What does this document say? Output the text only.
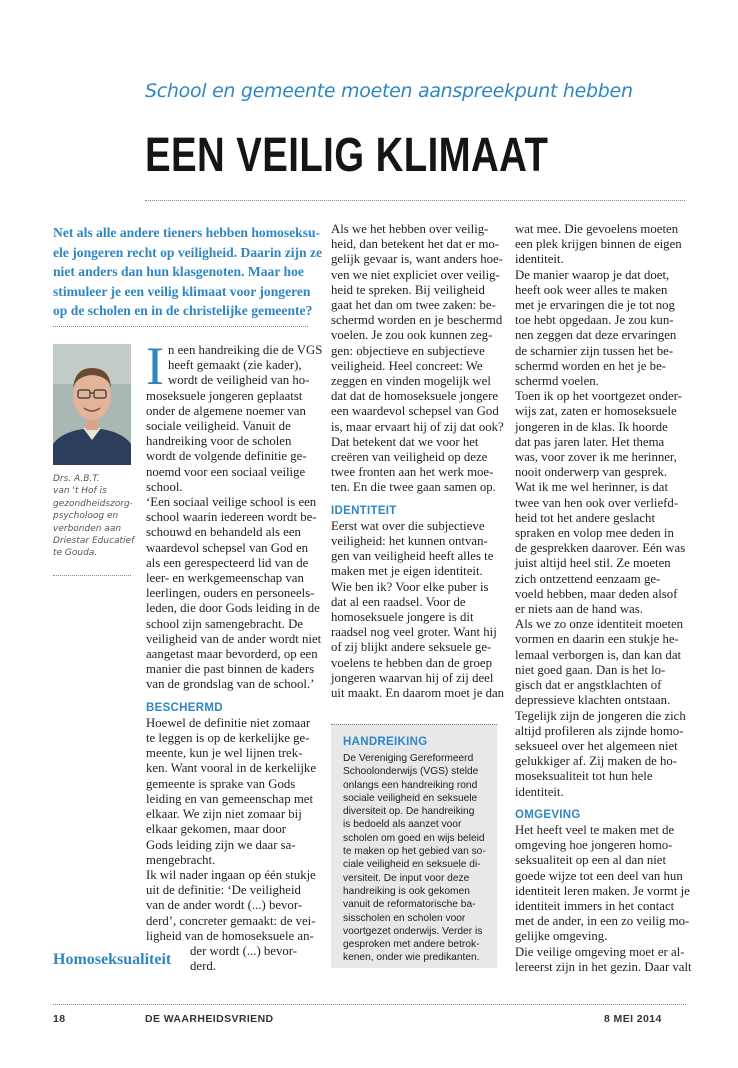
School en gemeente moeten aanspreekpunt hebben
EEN VEILIG KLIMAAT
Net als alle andere tieners hebben homoseksu-
ele jongeren recht op veiligheid. Daarin zijn ze
niet anders dan hun klasgenoten. Maar hoe
stimuleer je een veilig klimaat voor jongeren
op de scholen en in de christelijke gemeente?
Drs. A.B.T.
van 't Hof is
gezondheidszorg-
psycholoog en
verbonden aan
Driestar Educatief
te Gouda.
I n een handreiking die de VGS
heeft gemaakt (zie kader),
wordt de veiligheid van ho-
moseksuele jongeren geplaatst
onder de algemene noemer van
sociale veiligheid. Vanuit de
handreiking voor de scholen
wordt de volgende definitie ge-
noemd voor een sociaal veilige
school.
‘Een sociaal veilige school is een
school waarin iedereen wordt be-
schouwd en behandeld als een
waardevol schepsel van God en
als een gerespecteerd lid van de
leer- en werkgemeenschap van
leerlingen, ouders en personeels-
leden, die door Gods leiding in de
school zijn samengebracht. De
veiligheid van de ander wordt niet
aangetast maar bevorderd, op een
manier die past binnen de kaders
van de grondslag van de school.’
BESCHERMD
Hoewel de definitie niet zomaar
te leggen is op de kerkelijke ge-
meente, kun je wel lijnen trek-
ken. Want vooral in de kerkelijke
gemeente is sprake van Gods
leiding en van gemeenschap met
elkaar. We zijn niet zomaar bij
elkaar gekomen, maar door
Gods leiding zijn we daar sa-
mengebracht.
Ik wil nader ingaan op één stukje
uit de definitie: ‘De veiligheid
van de ander wordt (...) bevor-
derd’, concreter gemaakt: de vei-
ligheid van de homoseksuele an-
der wordt (...) bevor-
derd.
Homoseksualiteit
Als we het hebben over veilig-
heid, dan betekent het dat er mo-
gelijk gevaar is, want anders hoe-
ven we niet expliciet over veilig-
heid te spreken. Bij veiligheid
gaat het dan om twee zaken: be-
schermd worden en je beschermd
voelen. Je zou ook kunnen zeg-
gen: objectieve en subjectieve
veiligheid. Heel concreet: We
zeggen en vinden mogelijk wel
dat dat de homoseksuele jongere
een waardevol schepsel van God
is, maar ervaart hij of zij dat ook?
Dat betekent dat we voor het
creëren van veiligheid op deze
twee fronten aan het werk moe-
ten. En die twee gaan samen op.
IDENTITEIT
Eerst wat over die subjectieve
veiligheid: het kunnen ontvan-
gen van veiligheid heeft alles te
maken met je eigen identiteit.
Wie ben ik? Voor elke puber is
dat al een raadsel. Voor de
homoseksuele jongere is dit
raadsel nog veel groter. Want hij
of zij blijkt andere seksuele ge-
voelens te hebben dan de groep
jongeren waarvan hij of zij deel
uit maakt. En daarom moet je dan
HANDREIKING
De Vereniging Gereformeerd
Schoolonderwijs (VGS) stelde
onlangs een handreiking rond
sociale veiligheid en seksuele
diversiteit op. De handreiking
is bedoeld als aanzet voor
scholen om goed en wijs beleid
te maken op het gebied van so-
ciale veiligheid en seksuele di-
versiteit. De input voor deze
handreiking is ook gekomen
vanuit de reformatorische ba-
sisscholen en scholen voor
voortgezet onderwijs. Verder is
gesproken met andere betrok-
kenen, onder wie predikanten.
wat mee. Die gevoelens moeten
een plek krijgen binnen de eigen
identiteit.
De manier waarop je dat doet,
heeft ook weer alles te maken
met je ervaringen die je tot nog
toe hebt opgedaan. Je zou kun-
nen zeggen dat deze ervaringen
de scharnier zijn tussen het be-
schermd worden en het je be-
schermd voelen.
Toen ik op het voortgezet onder-
wijs zat, zaten er homoseksuele
jongeren in de klas. Ik hoorde
dat pas jaren later. Het thema
was, voor zover ik me herinner,
nooit onderwerp van gesprek.
Wat ik me wel herinner, is dat
twee van hen ook over verliefd-
heid tot het andere geslacht
spraken en volop mee deden in
de gesprekken daarover. Eén was
juist altijd heel stil. Ze moeten
zich ontzettend eenzaam ge-
voeld hebben, maar deden alsof
er niets aan de hand was.
Als we zo onze identiteit moeten
vormen en daarin een stukje he-
lemaal verborgen is, dan kan dat
niet goed gaan. Dan is het lo-
gisch dat er angstklachten of
depressieve klachten ontstaan.
Tegelijk zijn de jongeren die zich
altijd profileren als zijnde homo-
seksueel over het algemeen niet
gelukkiger af. Zij maken de ho-
moseksualiteit tot hun hele
identiteit.
OMGEVING
Het heeft veel te maken met de
omgeving hoe jongeren homo-
seksualiteit op een al dan niet
goede wijze tot een deel van hun
identiteit leren maken. Je vormt je
identiteit immers in het contact
met de ander, in een zo veilig mo-
gelijke omgeving.
Die veilige omgeving moet er al-
lereerst zijn in het gezin. Daar valt
18	DE WAARHEIDSVRIEND	8 MEI 2014
